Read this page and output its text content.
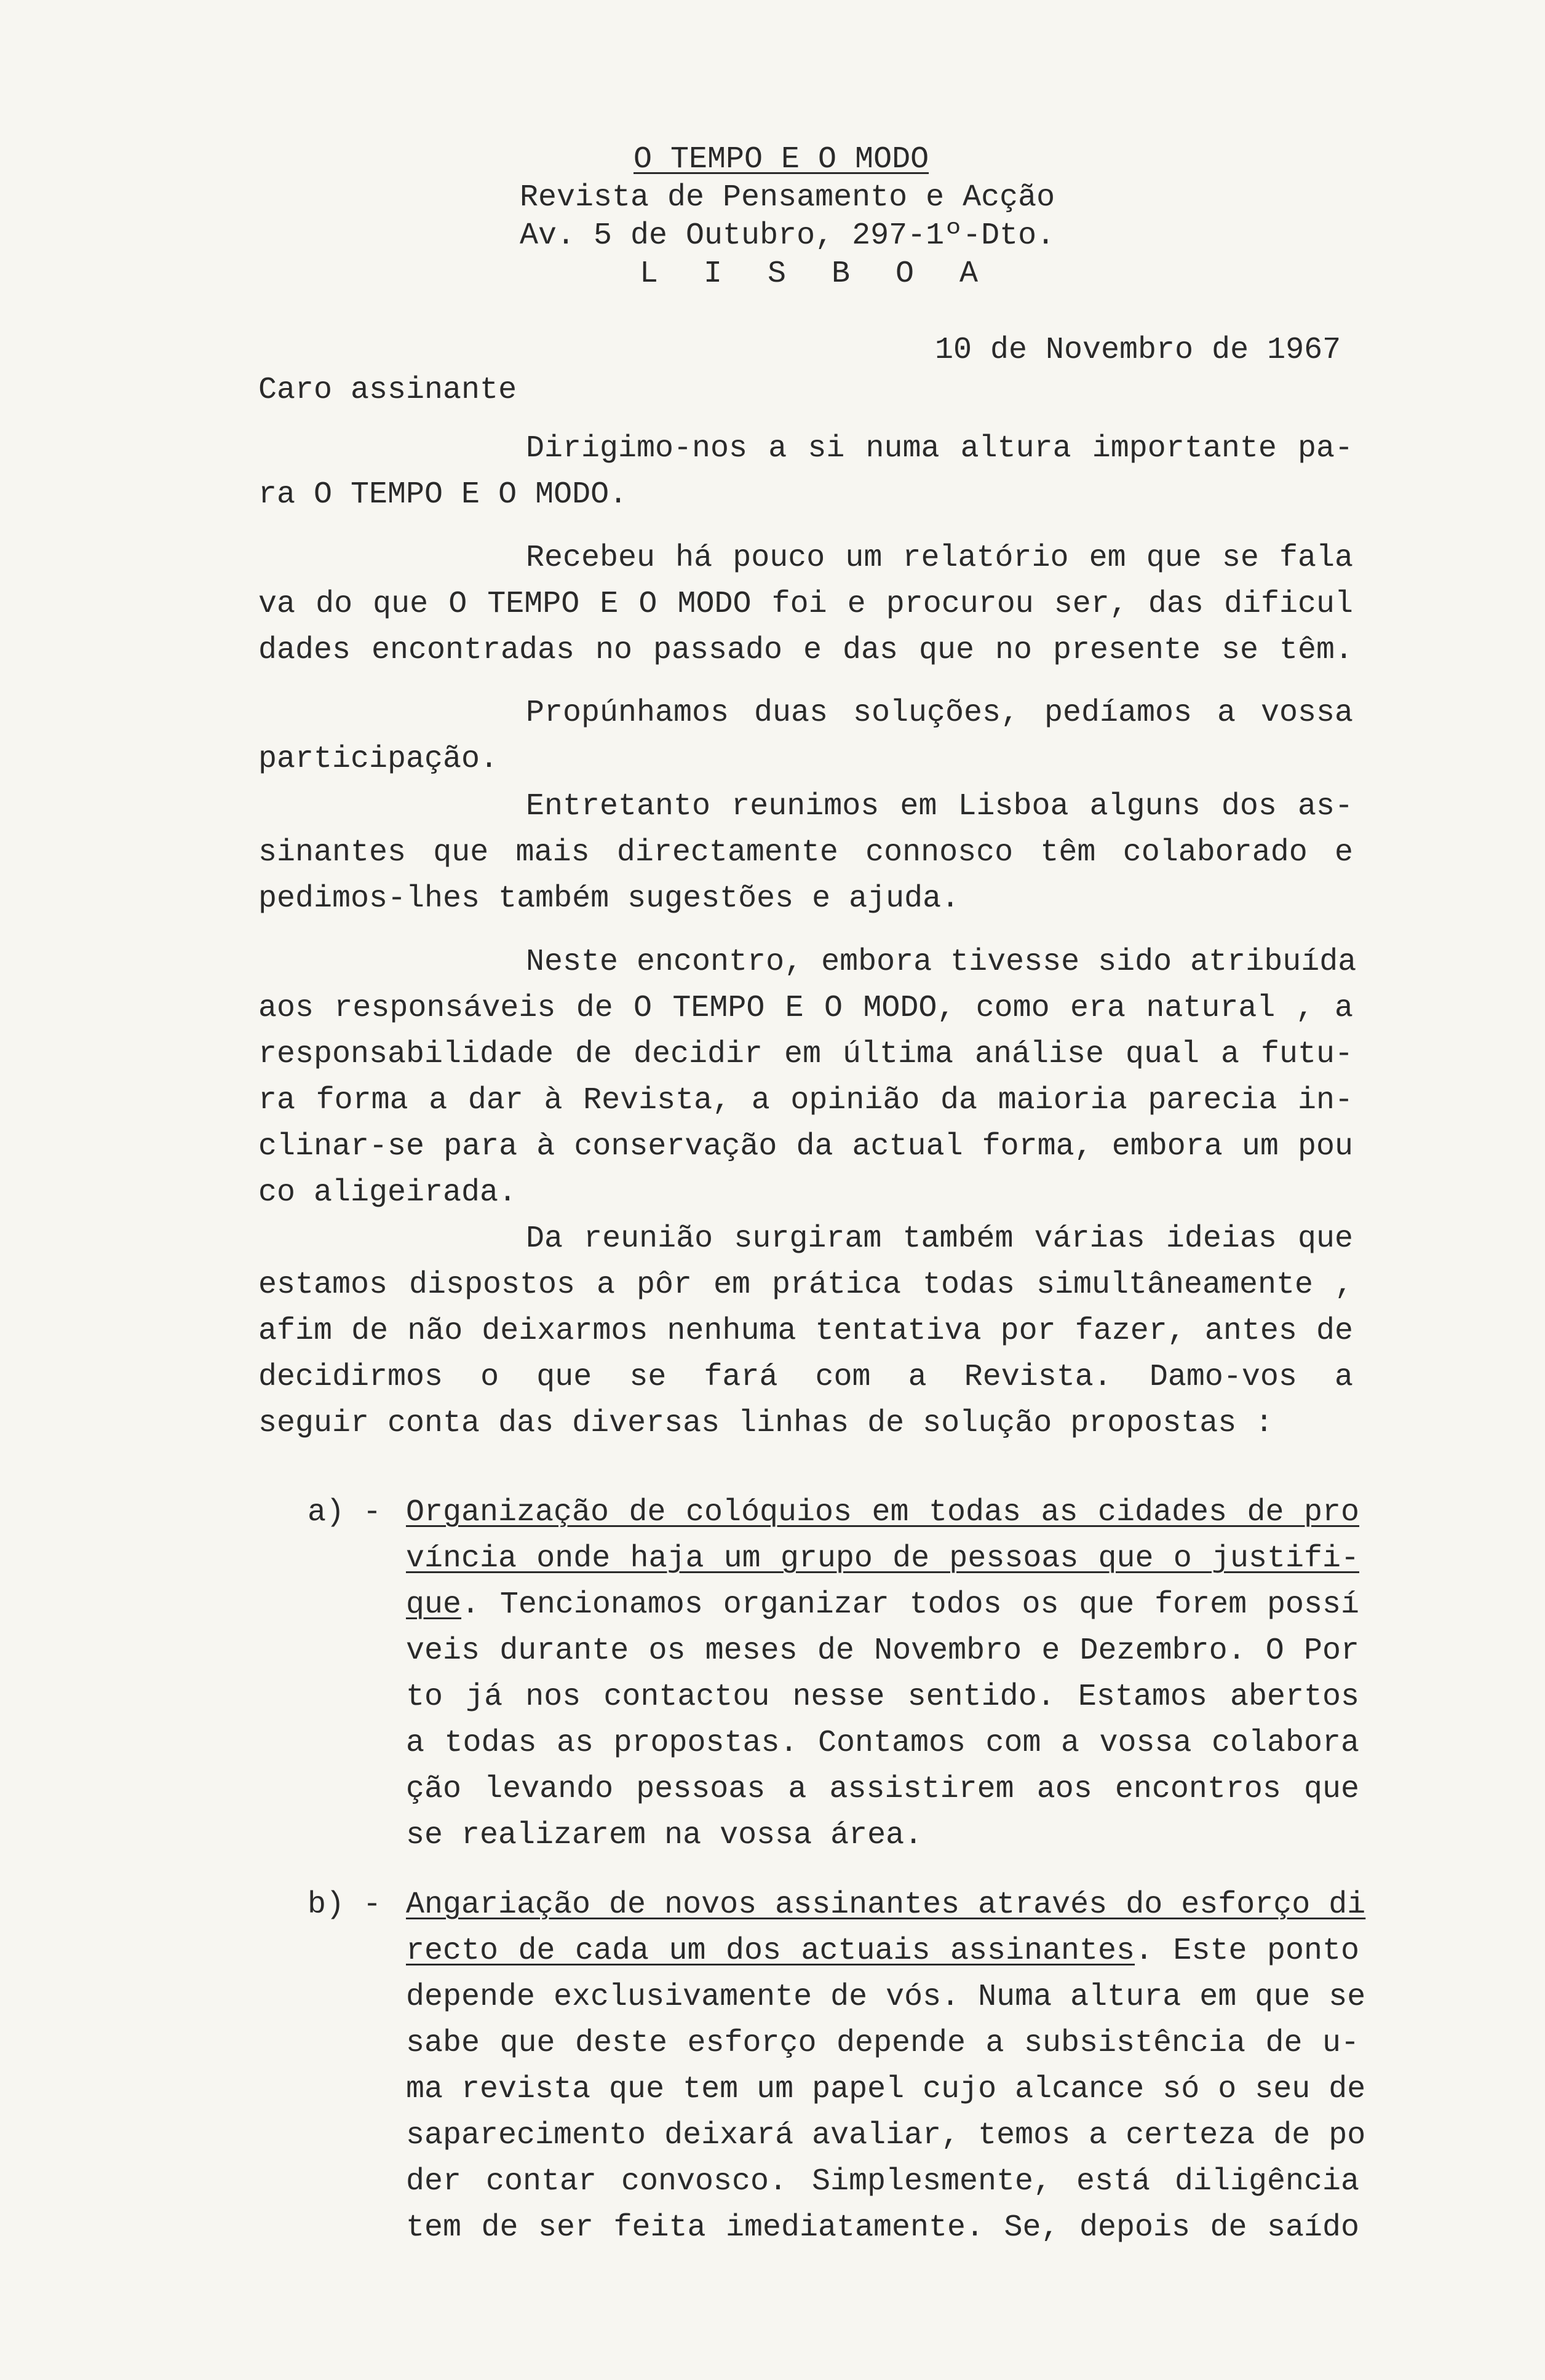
O TEMPO E O MODO
Revista de Pensamento e Acção
Av. 5 de Outubro, 297-1º-Dto.
L I S B O A
10 de Novembro de 1967
Caro assinante
Dirigimo-nos a si numa altura importante pa-
ra O TEMPO E O MODO.
Recebeu há pouco um relatório em que se fala
va do que O TEMPO E O MODO foi e procurou ser, das dificul
dades encontradas no passado e das que no presente se têm.
Propúnhamos duas soluções, pedíamos a vossa
participação.
Entretanto reunimos em Lisboa alguns dos as-
sinantes que mais directamente connosco têm colaborado e
pedimos-lhes também sugestões e ajuda.
Neste encontro, embora tivesse sido atribuída
aos responsáveis de O TEMPO E O MODO, como era natural , a
responsabilidade de decidir em última análise qual a futu-
ra forma a dar à Revista, a opinião da maioria parecia in-
clinar-se para à conservação da actual forma, embora um pou
co aligeirada.
Da reunião surgiram também várias ideias que
estamos dispostos a pôr em prática todas simultâneamente ,
afim de não deixarmos nenhuma tentativa por fazer, antes de
decidirmos o que se fará com a Revista. Damo-vos a
seguir conta das diversas linhas de solução propostas :
a) - Organização de colóquios em todas as cidades de pro
víncia onde haja um grupo de pessoas que o justifi-
que. Tencionamos organizar todos os que forem possí
veis durante os meses de Novembro e Dezembro. O Por
to já nos contactou nesse sentido. Estamos abertos
a todas as propostas. Contamos com a vossa colabora
ção levando pessoas a assistirem aos encontros que
se realizarem na vossa área.
b) - Angariação de novos assinantes através do esforço di
recto de cada um dos actuais assinantes. Este ponto
depende exclusivamente de vós. Numa altura em que se
sabe que deste esforço depende a subsistência de u-
ma revista que tem um papel cujo alcance só o seu de
saparecimento deixará avaliar, temos a certeza de po
der contar convosco. Simplesmente, está diligência
tem de ser feita imediatamente. Se, depois de saído
